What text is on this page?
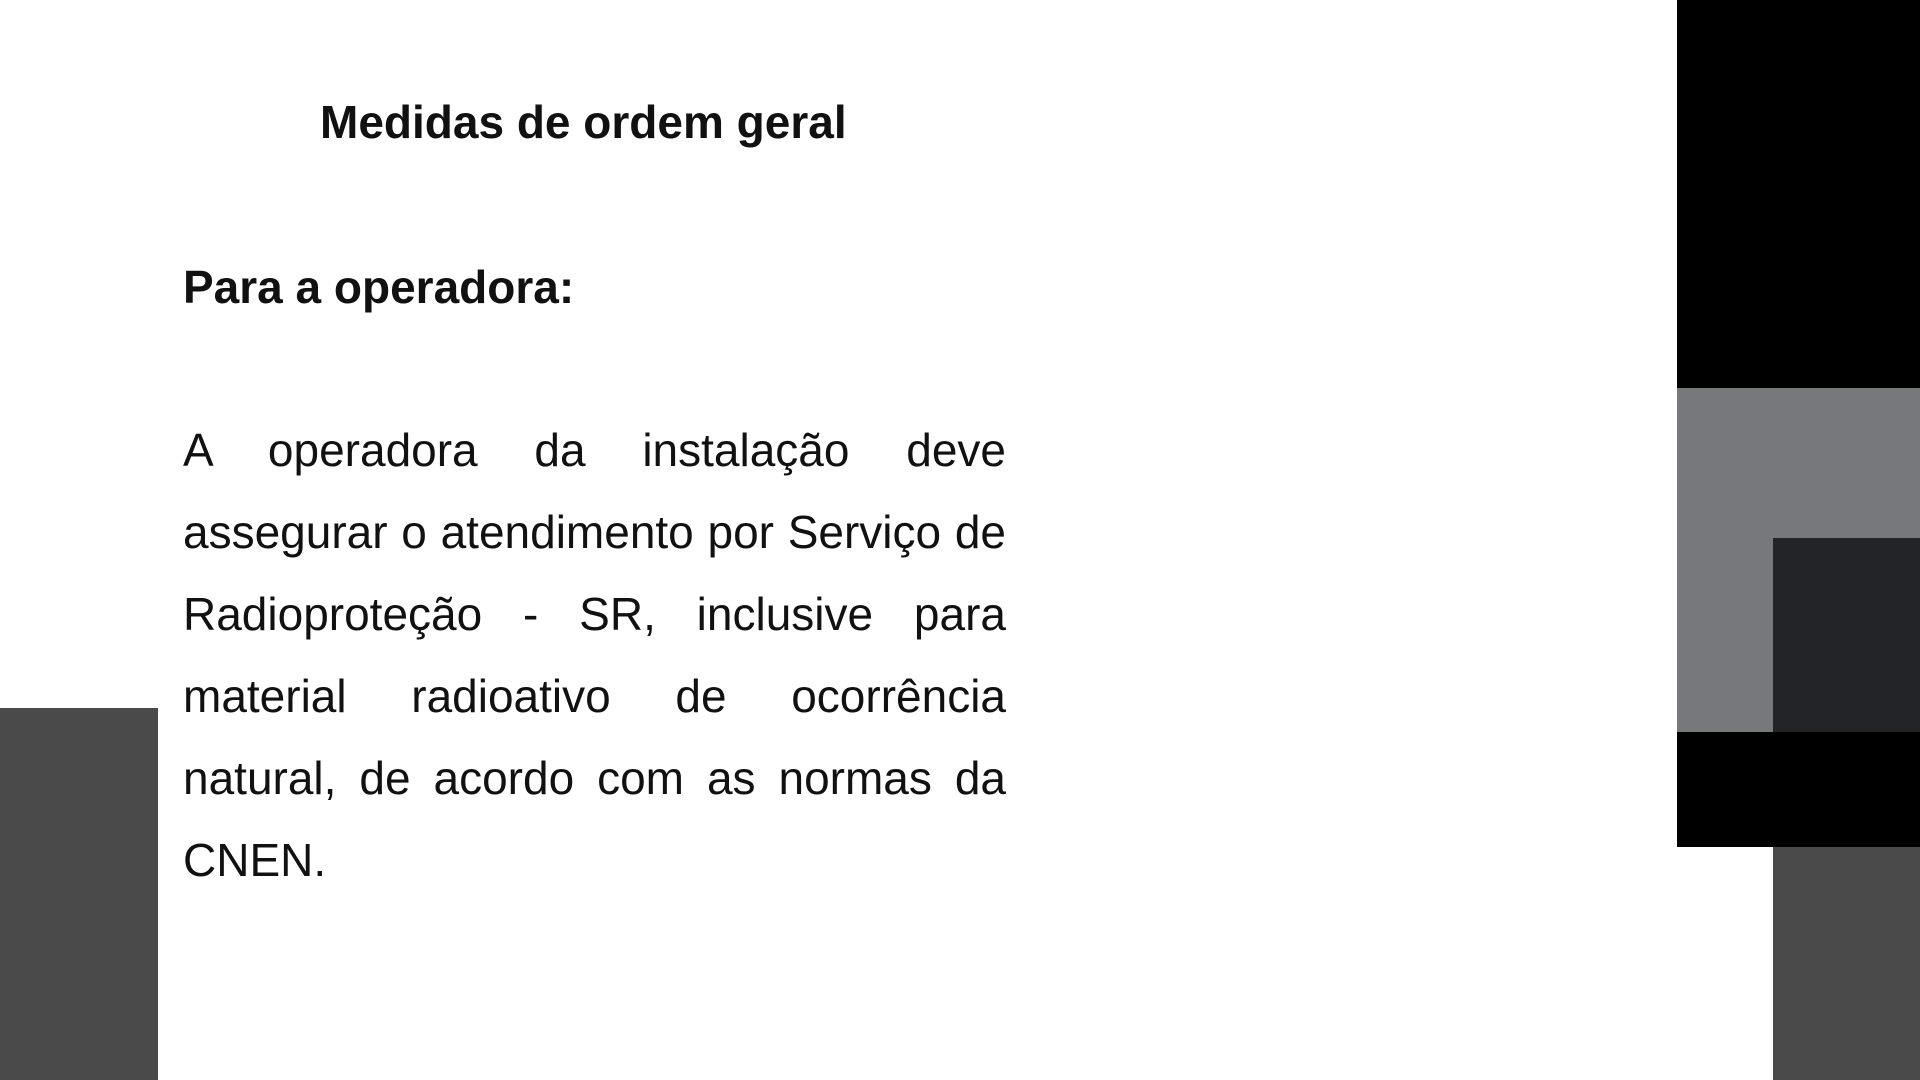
Medidas de ordem geral
Para a operadora:

A operadora da instalação deve assegurar o atendimento por Serviço de Radioproteção - SR, inclusive para material radioativo de ocorrência natural, de acordo com as normas da CNEN.
